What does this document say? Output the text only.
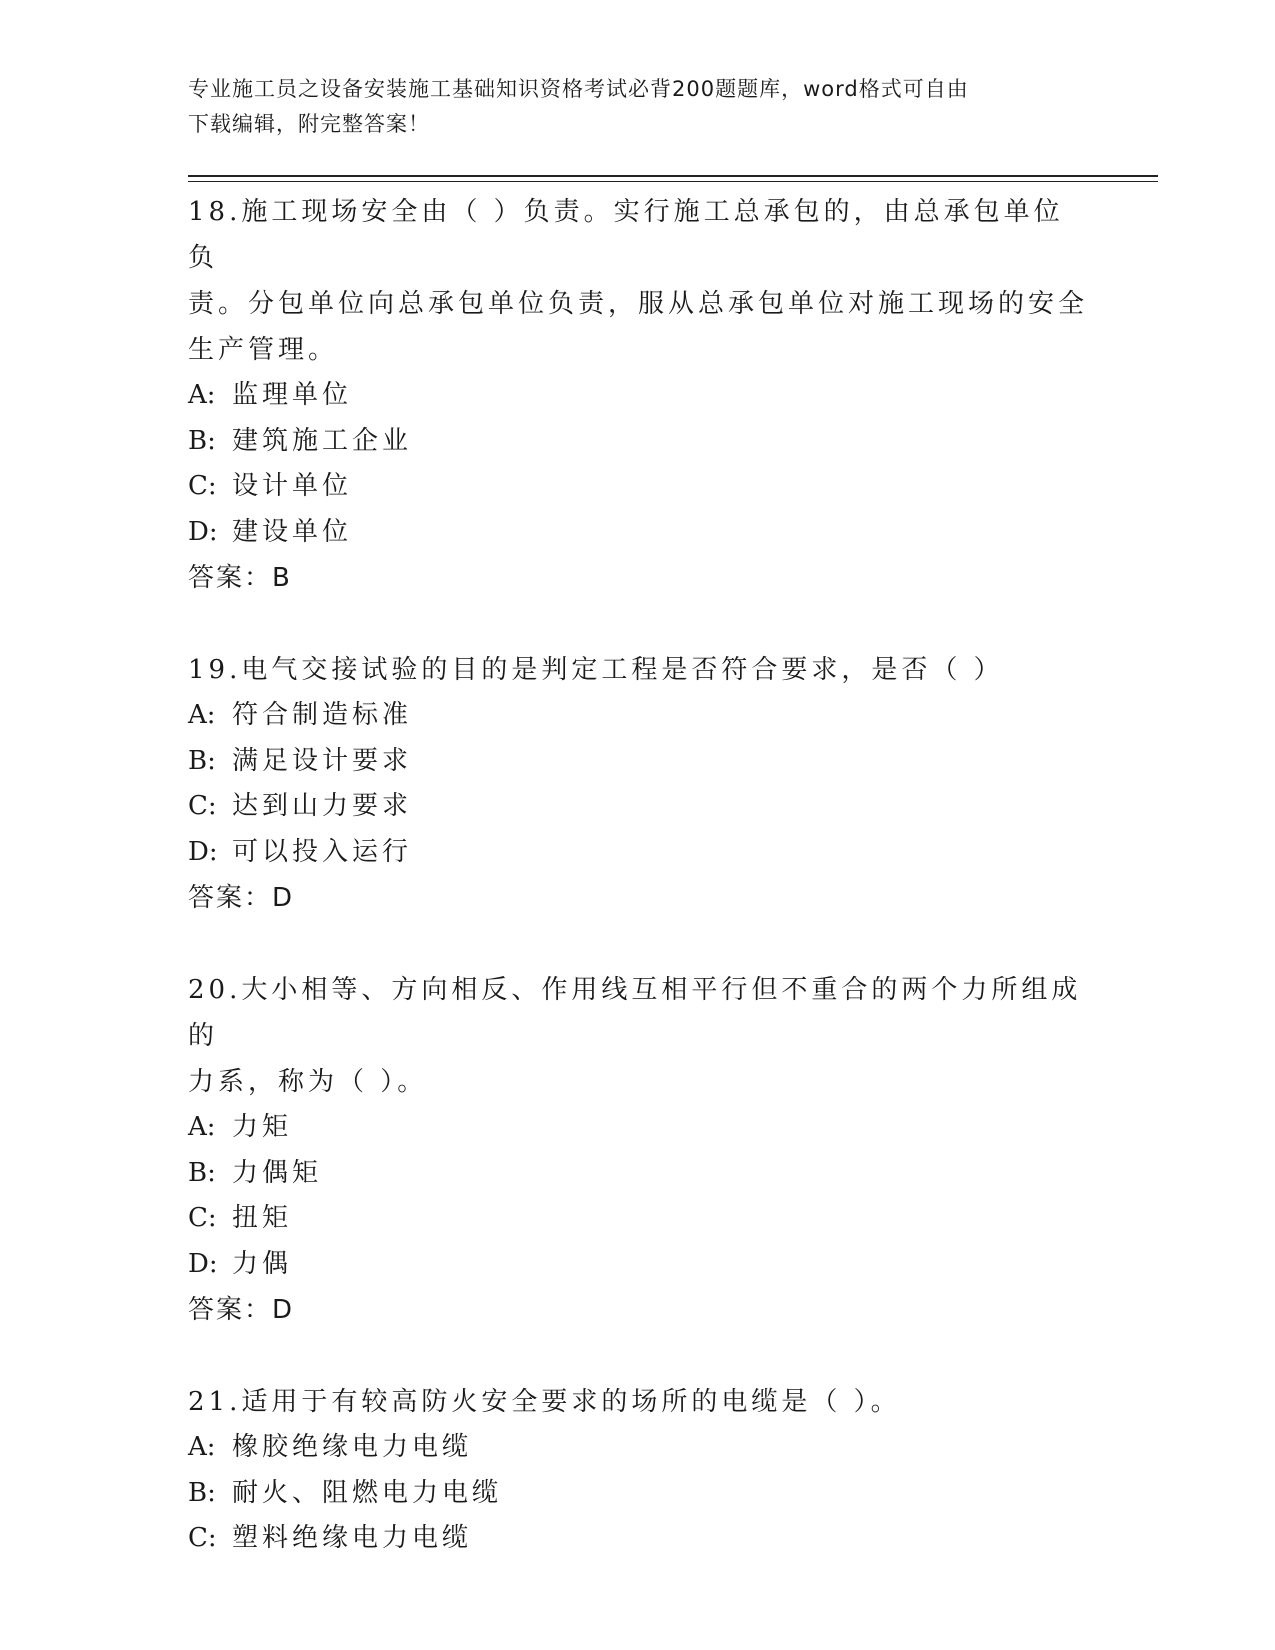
专业施工员之设备安装施工基础知识资格考试必背200题题库，word格式可自由
下载编辑，附完整答案！
18.施工现场安全由（ ）负责。实行施工总承包的，由总承包单位负
责。分包单位向总承包单位负责，服从总承包单位对施工现场的安全
生产管理。
A: 监理单位
B: 建筑施工企业
C: 设计单位
D: 建设单位
答案：B
19.电气交接试验的目的是判定工程是否符合要求，是否（ ）
A: 符合制造标准
B: 满足设计要求
C: 达到山力要求
D: 可以投入运行
答案：D
20.大小相等、方向相反、作用线互相平行但不重合的两个力所组成的
力系，称为（ ）。
A: 力矩
B: 力偶矩
C: 扭矩
D: 力偶
答案：D
21.适用于有较高防火安全要求的场所的电缆是（ ）。
A: 橡胶绝缘电力电缆
B: 耐火、阻燃电力电缆
C: 塑料绝缘电力电缆
